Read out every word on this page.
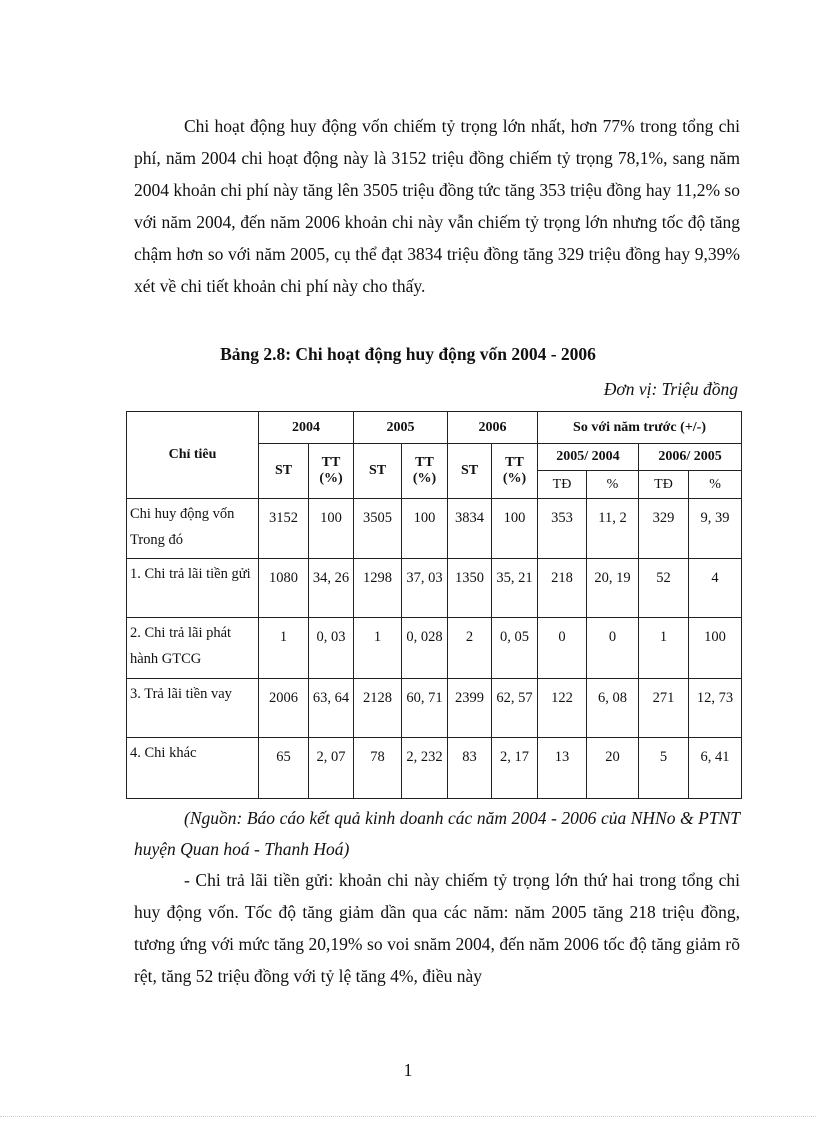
Chi hoạt động huy động vốn chiếm tỷ trọng lớn nhất, hơn 77% trong tổng chi phí, năm 2004 chi hoạt động này là 3152 triệu đồng chiếm tỷ trọng 78,1%, sang năm 2004 khoản chi phí này tăng lên 3505 triệu đồng tức tăng 353 triệu đồng hay 11,2% so với năm 2004, đến năm 2006 khoản chi này vẫn chiếm tỷ trọng lớn nhưng tốc độ tăng chậm hơn so với năm 2005, cụ thể đạt 3834 triệu đồng tăng 329 triệu đồng hay 9,39% xét về chi tiết khoản chi phí này cho thấy.

Bảng 2.8: Chi hoạt động huy động vốn 2004 - 2006
Đơn vị: Triệu đồng
Chỉ tiêu	2004		2005		2006		So với năm trước (+/-)			
	ST	TT (%)	ST	TT (%)	ST	TT (%)	2005/ 2004		2006/ 2005	
							TĐ	%	TĐ	%
Chi huy động vốn Trong đó	3152	100	3505	100	3834	100	353	11, 2	329	9, 39
1. Chi trả lãi tiền gửi	1080	34, 26	1298	37, 03	1350	35, 21	218	20, 19	52	4
2. Chi trả lãi phát hành GTCG	1	0, 03	1	0, 028	2	0, 05	0	0	1	100
3. Trả lãi tiền vay	2006	63, 64	2128	60, 71	2399	62, 57	122	6, 08	271	12, 73
4. Chi khác	65	2, 07	78	2, 232	83	2, 17	13	20	5	6, 41

(Nguồn: Báo cáo kết quả kinh doanh các năm 2004 - 2006 của NHNo & PTNT huyện Quan hoá - Thanh Hoá)

- Chi trả lãi tiền gửi: khoản chi này chiếm tỷ trọng lớn thứ hai trong tổng chi huy động vốn. Tốc độ tăng giảm dần qua các năm: năm 2005 tăng 218 triệu đồng, tương ứng với mức tăng 20,19% so voi snăm 2004, đến năm 2006 tốc độ tăng giảm rõ rệt, tăng 52 triệu đồng với tỷ lệ tăng 4%, điều này

1
